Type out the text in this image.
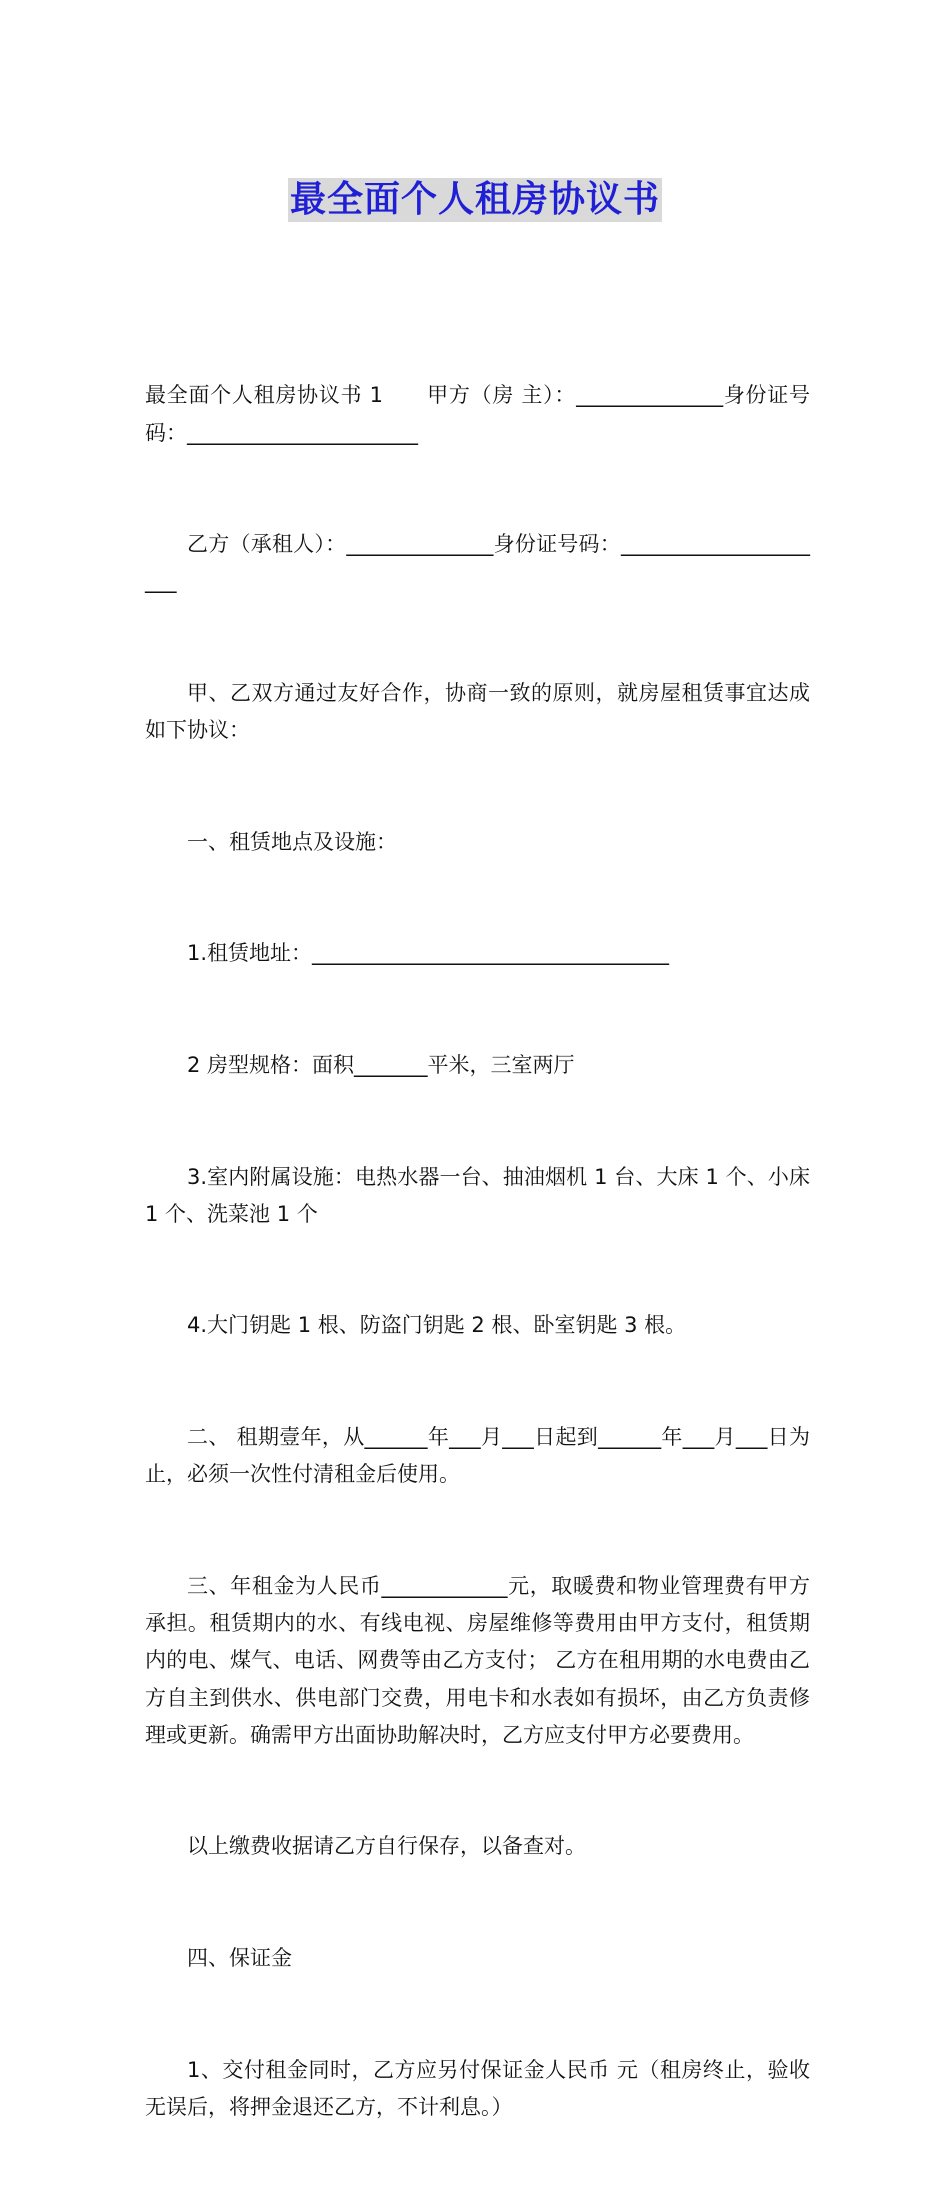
最全面个人租房协议书

最全面个人租房协议书 1　　甲方（房 主）：______________身份证号码：______________________

乙方（承租人）：______________身份证号码：_____________________

甲、乙双方通过友好合作，协商一致的原则，就房屋租赁事宜达成如下协议：

一、租赁地点及设施：

1.租赁地址：__________________________________

2 房型规格：面积_______平米，三室两厅

3.室内附属设施：电热水器一台、抽油烟机 1 台、大床 1 个、小床 1 个、洗菜池 1 个

4.大门钥匙 1 根、防盗门钥匙 2 根、卧室钥匙 3 根。

二、 租期壹年，从______年___月___日起到______年___月___日为止，必须一次性付清租金后使用。

三、年租金为人民币____________元，取暖费和物业管理费有甲方承担。租赁期内的水、有线电视、房屋维修等费用由甲方支付，租赁期内的电、煤气、电话、网费等由乙方支付； 乙方在租用期的水电费由乙方自主到供水、供电部门交费，用电卡和水表如有损坏，由乙方负责修理或更新。确需甲方出面协助解决时，乙方应支付甲方必要费用。

以上缴费收据请乙方自行保存，以备查对。

四、保证金

1、交付租金同时，乙方应另付保证金人民币 元（租房终止，验收无误后，将押金退还乙方，不计利息。）
